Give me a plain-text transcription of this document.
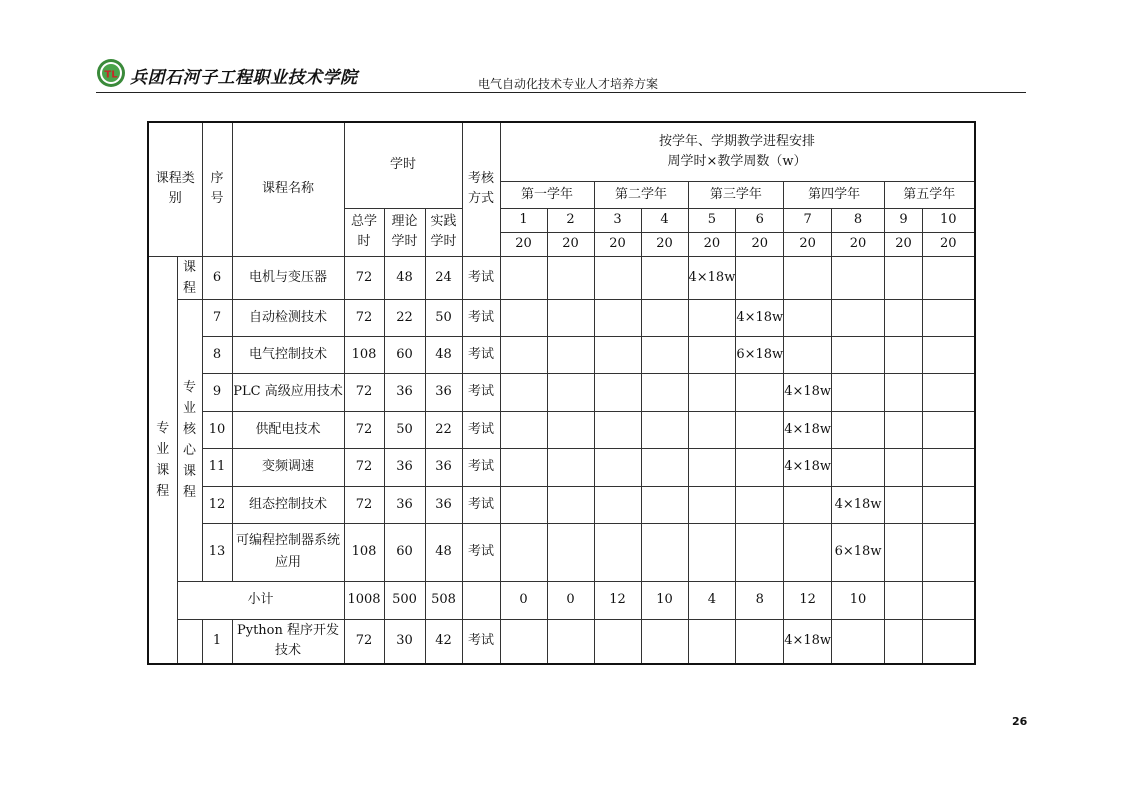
TL 兵团石河子工程职业技术学院	电气自动化技术专业人才培养方案
课程类别		序号	课程名称	学时			考核方式	按学年、学期教学进程安排
周学时×教学周数（w）									

								第一学年		第二学年		第三学年		第四学年		第五学年	

				总学时	理论学时	实践学时		1	2	3	4	5	6	7	8	9	10
								20	20	20	20	20	20	20	20	20	20

专业课程	课程	6	电机与变压器	72	48	24	考试					4×18w					

	专业核心课程	7	自动检测技术	72	22	50	考试						4×18w				
		8	电气控制技术	108	60	48	考试						6×18w				
		9	PLC 高级应用技术	72	36	36	考试							4×18w			
		10	供配电技术	72	50	22	考试							4×18w			
		11	变频调速	72	36	36	考试							4×18w			
		12	组态控制技术	72	36	36	考试								4×18w		
		13	可编程控制器系统应用	108	60	48	考试								6×18w		
	小计			1008	500	508		0	0	12	10	4	8	12	10		
		1	Python 程序开发技术	72	30	42	考试							4×18w			
26
